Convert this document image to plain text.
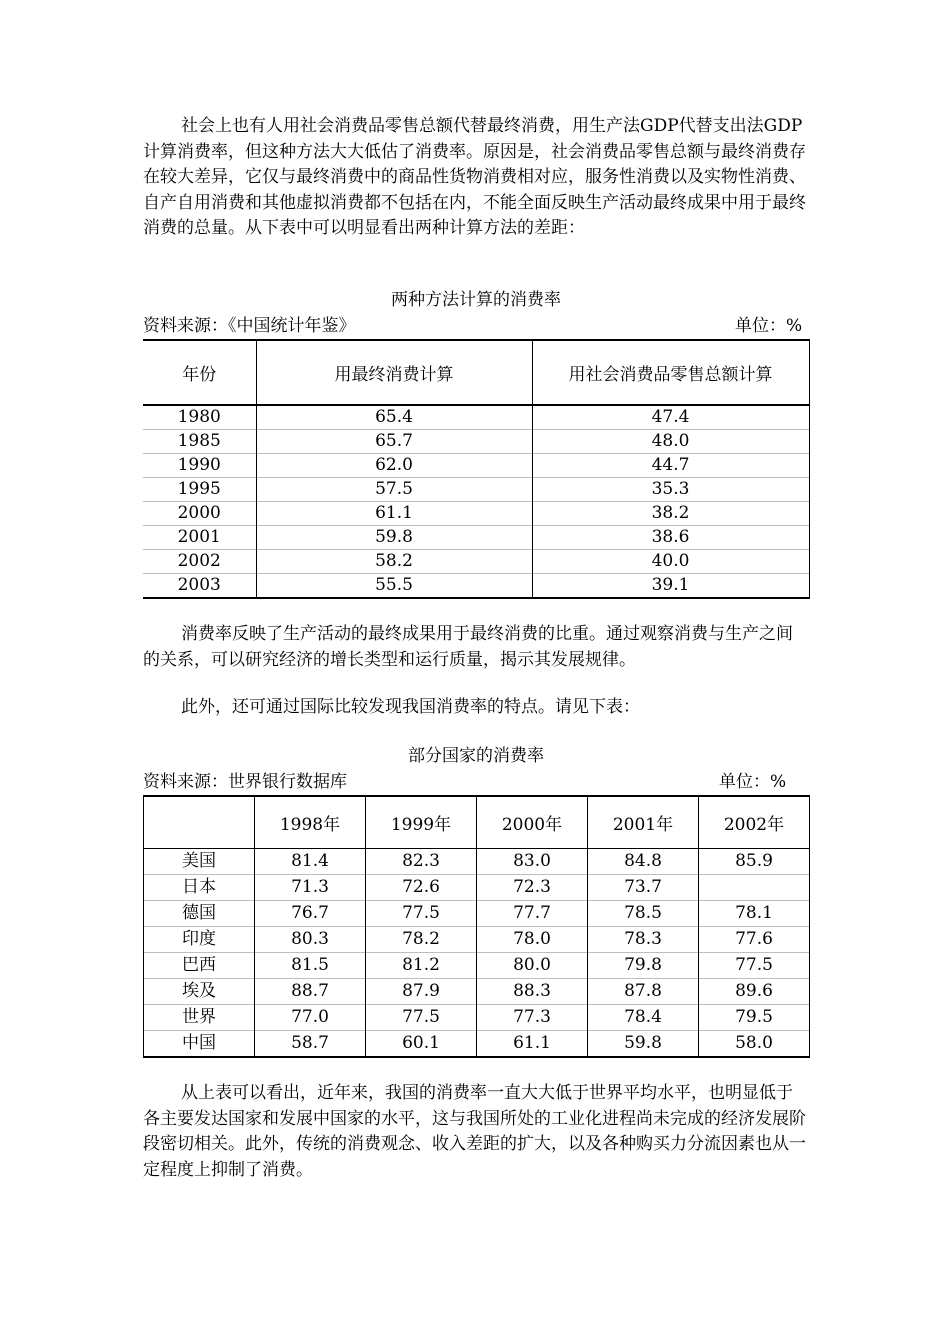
社会上也有人用社会消费品零售总额代替最终消费，用生产法GDP代替支出法GDP计算消费率，但这种方法大大低估了消费率。原因是，社会消费品零售总额与最终消费存在较大差异，它仅与最终消费中的商品性货物消费相对应，服务性消费以及实物性消费、自产自用消费和其他虚拟消费都不包括在内，不能全面反映生产活动最终成果中用于最终消费的总量。从下表中可以明显看出两种计算方法的差距：

两种方法计算的消费率
资料来源：《中国统计年鉴》	单位：%
年份	用最终消费计算	用社会消费品零售总额计算
1980	65.4	47.4
1985	65.7	48.0
1990	62.0	44.7
1995	57.5	35.3
2000	61.1	38.2
2001	59.8	38.6
2002	58.2	40.0
2003	55.5	39.1

消费率反映了生产活动的最终成果用于最终消费的比重。通过观察消费与生产之间的关系，可以研究经济的增长类型和运行质量，揭示其发展规律。

此外，还可通过国际比较发现我国消费率的特点。请见下表：

部分国家的消费率
资料来源：世界银行数据库	单位：%
	1998年	1999年	2000年	2001年	2002年
美国	81.4	82.3	83.0	84.8	85.9
日本	71.3	72.6	72.3	73.7	
德国	76.7	77.5	77.7	78.5	78.1
印度	80.3	78.2	78.0	78.3	77.6
巴西	81.5	81.2	80.0	79.8	77.5
埃及	88.7	87.9	88.3	87.8	89.6
世界	77.0	77.5	77.3	78.4	79.5
中国	58.7	60.1	61.1	59.8	58.0

从上表可以看出，近年来，我国的消费率一直大大低于世界平均水平，也明显低于各主要发达国家和发展中国家的水平，这与我国所处的工业化进程尚未完成的经济发展阶段密切相关。此外，传统的消费观念、收入差距的扩大，以及各种购买力分流因素也从一定程度上抑制了消费。
